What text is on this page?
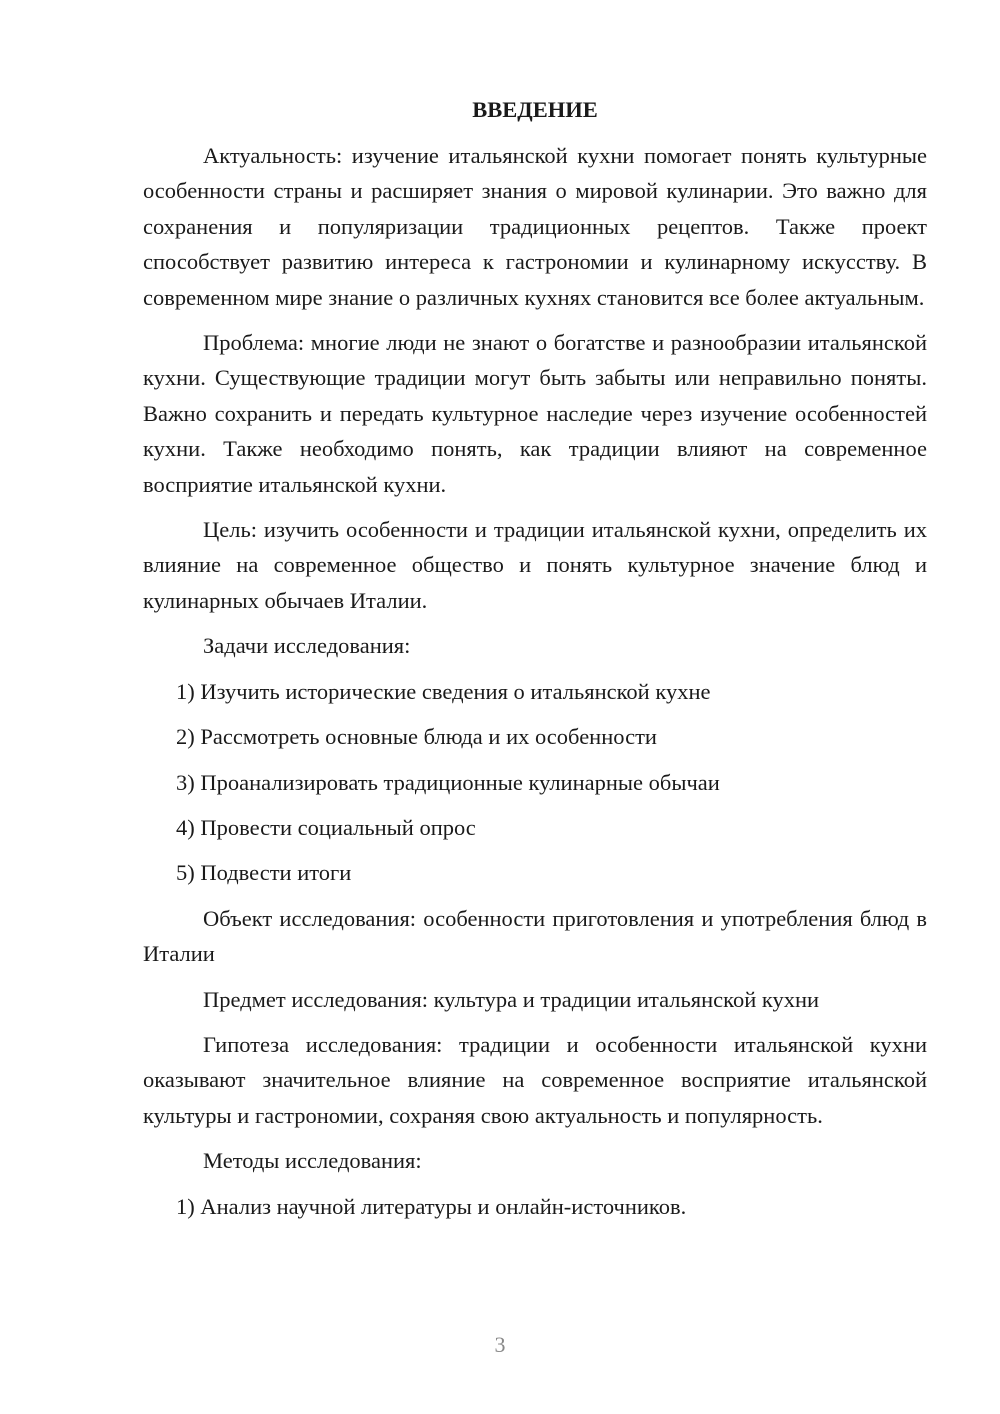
ВВЕДЕНИЕ
Актуальность: изучение итальянской кухни помогает понять культурные особенности страны и расширяет знания о мировой кулинарии. Это важно для сохранения и популяризации традиционных рецептов. Также проект способствует развитию интереса к гастрономии и кулинарному искусству. В современном мире знание о различных кухнях становится все более актуальным.
Проблема: многие люди не знают о богатстве и разнообразии итальянской кухни. Существующие традиции могут быть забыты или неправильно поняты. Важно сохранить и передать культурное наследие через изучение особенностей кухни. Также необходимо понять, как традиции влияют на современное восприятие итальянской кухни.
Цель: изучить особенности и традиции итальянской кухни, определить их влияние на современное общество и понять культурное значение блюд и кулинарных обычаев Италии.
Задачи исследования:
1) Изучить исторические сведения о итальянской кухне
2) Рассмотреть основные блюда и их особенности
3) Проанализировать традиционные кулинарные обычаи
4) Провести социальный опрос
5) Подвести итоги
Объект исследования: особенности приготовления и употребления блюд в Италии
Предмет исследования: культура и традиции итальянской кухни
Гипотеза исследования: традиции и особенности итальянской кухни оказывают значительное влияние на современное восприятие итальянской культуры и гастрономии, сохраняя свою актуальность и популярность.
Методы исследования:
1) Анализ научной литературы и онлайн-источников.
3
